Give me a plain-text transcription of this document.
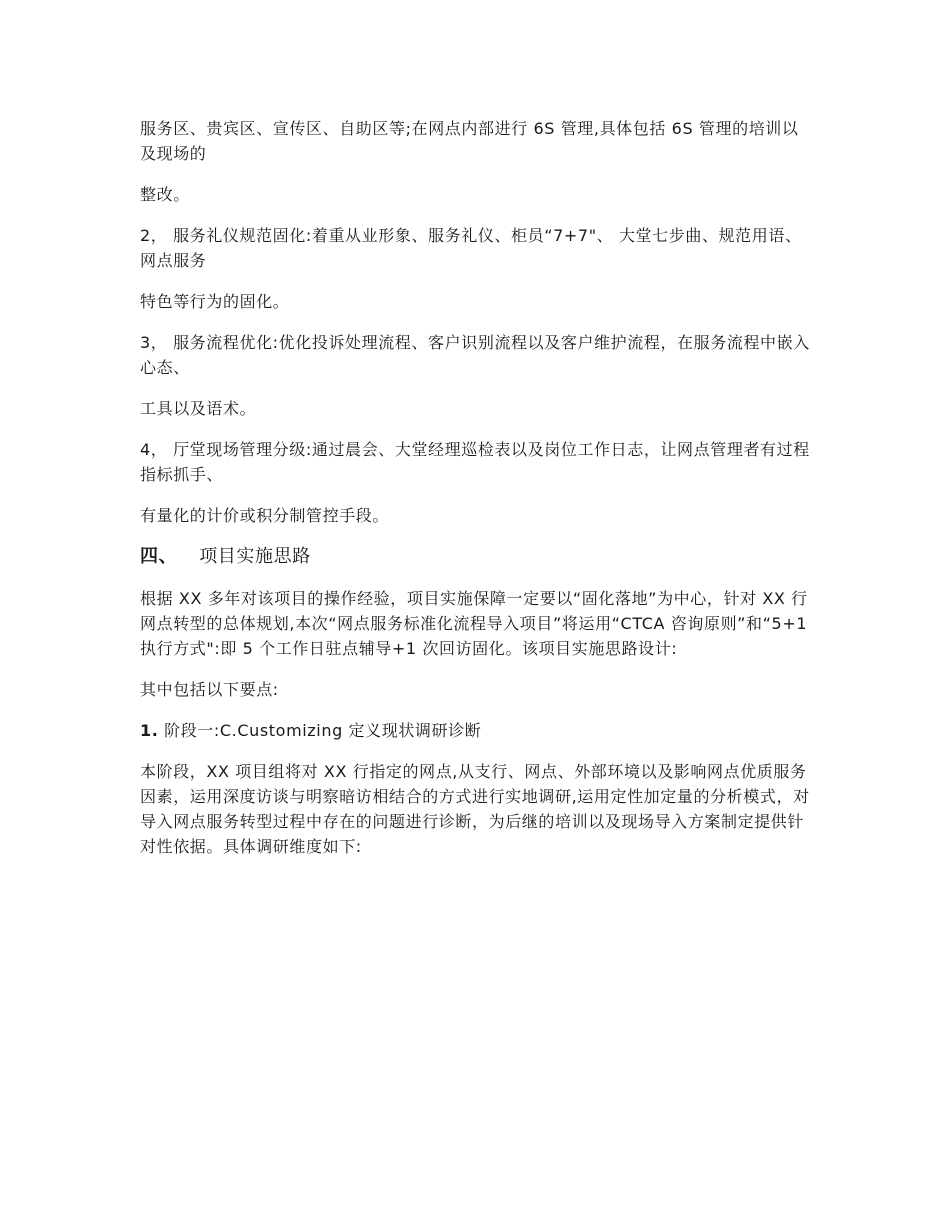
服务区、贵宾区、宣传区、自助区等;在网点内部进行 6S 管理,具体包括 6S 管理的培训以及现场的

整改。

2， 服务礼仪规范固化:着重从业形象、服务礼仪、柜员“7+7"、 大堂七步曲、规范用语、网点服务

特色等行为的固化。

3， 服务流程优化:优化投诉处理流程、客户识别流程以及客户维护流程，在服务流程中嵌入心态、

工具以及语术。

4， 厅堂现场管理分级:通过晨会、大堂经理巡检表以及岗位工作日志，让网点管理者有过程指标抓手、

有量化的计价或积分制管控手段。

四、 项目实施思路

根据 XX 多年对该项目的操作经验，项目实施保障一定要以“固化落地”为中心，针对 XX 行网点转型的总体规划,本次“网点服务标准化流程导入项目”将运用“CTCA 咨询原则”和“5+1 执行方式":即 5 个工作日驻点辅导+1 次回访固化。该项目实施思路设计:

其中包括以下要点:

1. 阶段一:C.Customizing 定义现状调研诊断

本阶段，XX 项目组将对 XX 行指定的网点,从支行、网点、外部环境以及影响网点优质服务因素，运用深度访谈与明察暗访相结合的方式进行实地调研,运用定性加定量的分析模式，对导入网点服务转型过程中存在的问题进行诊断，为后继的培训以及现场导入方案制定提供针对性依据。具体调研维度如下:
